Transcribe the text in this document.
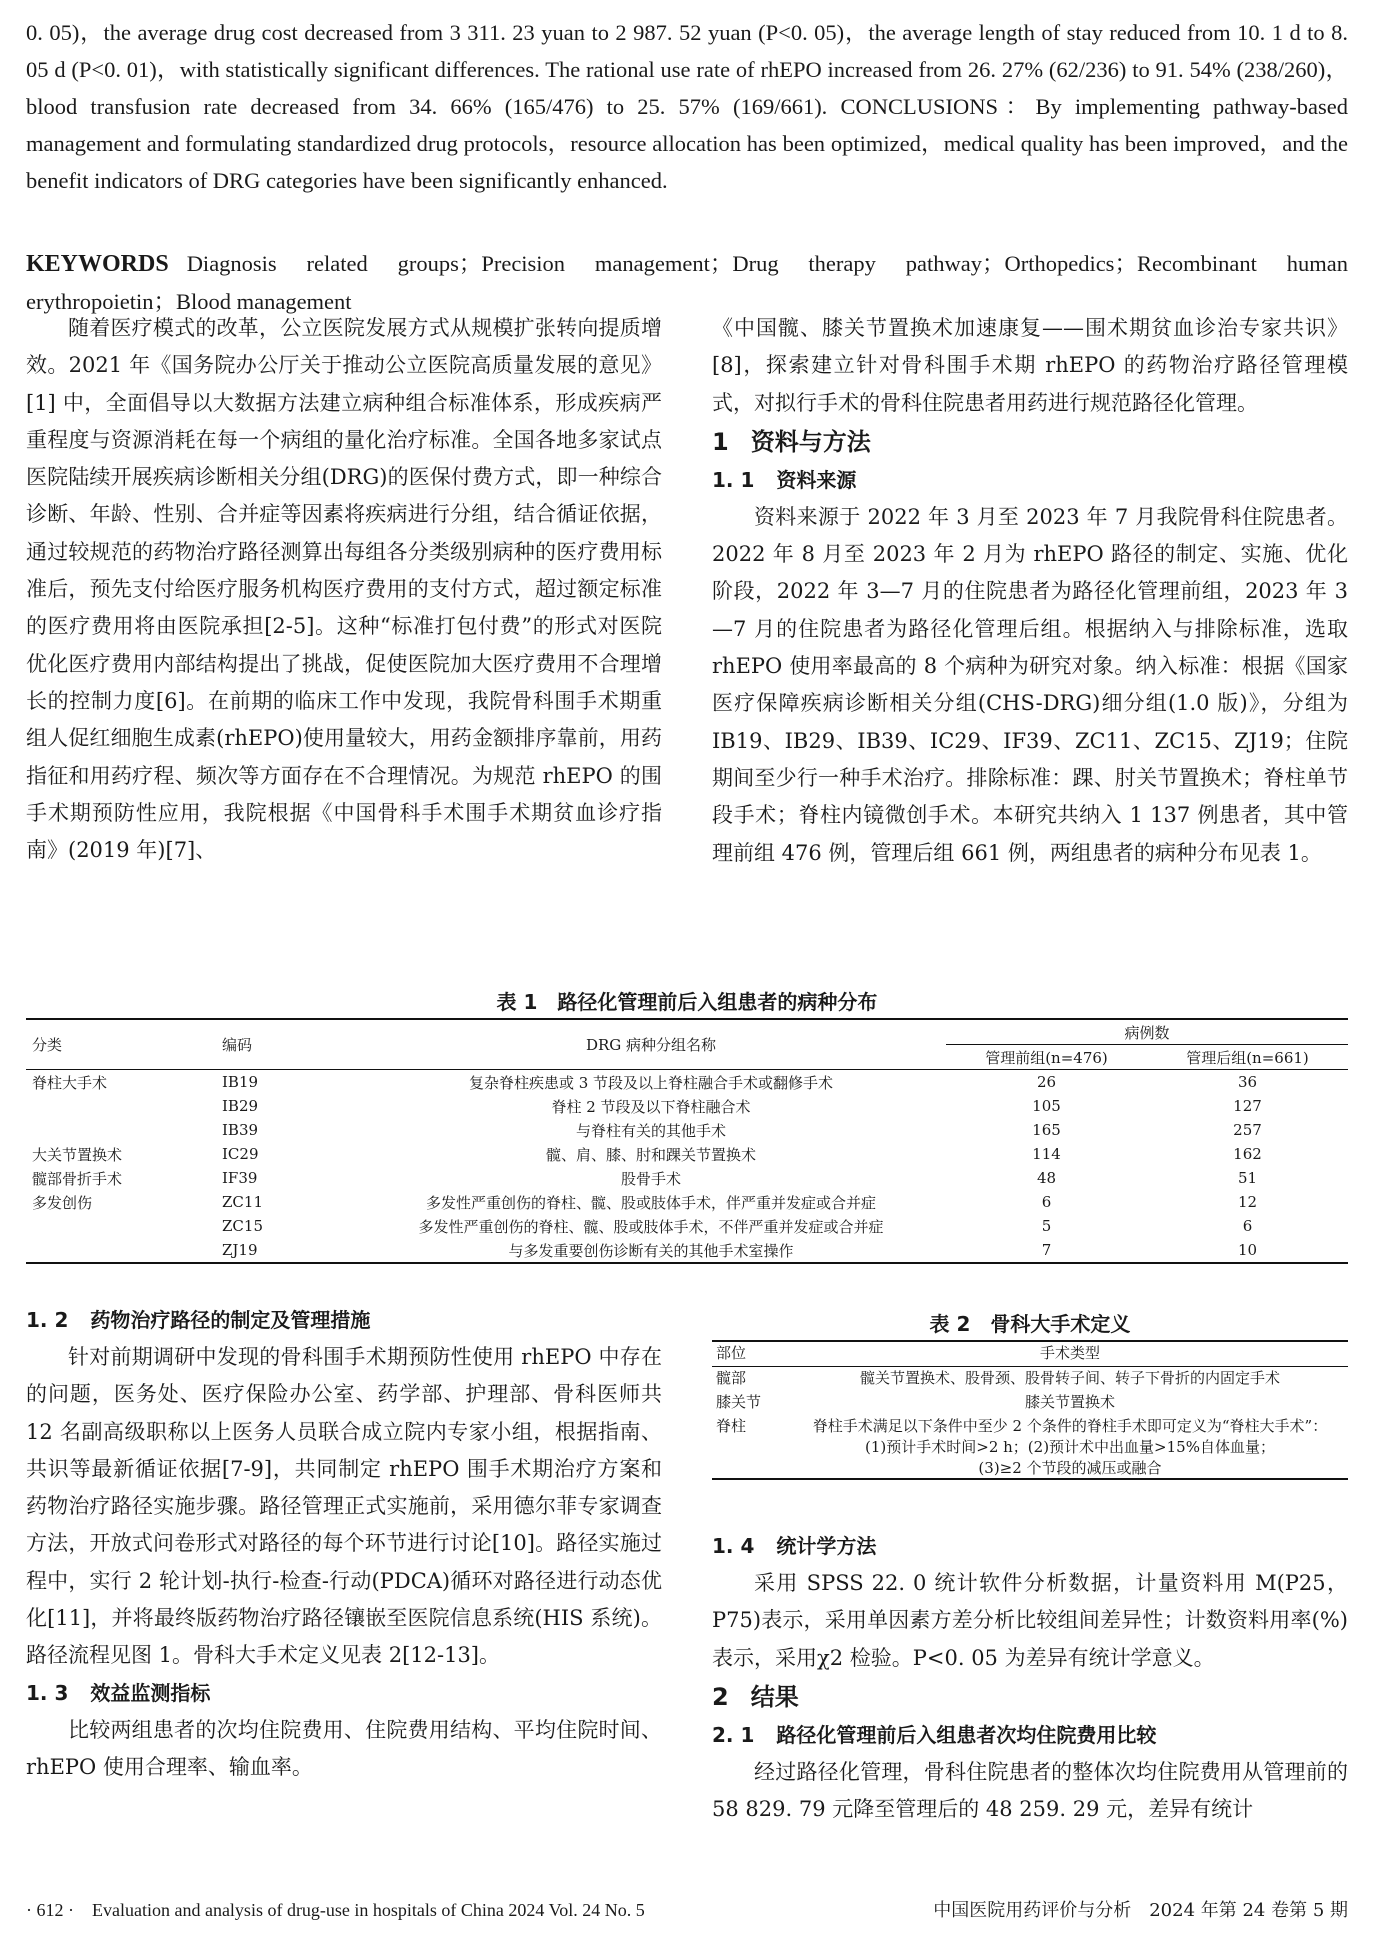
0. 05)，the average drug cost decreased from 3 311. 23 yuan to 2 987. 52 yuan (P<0. 05)，the average length of stay reduced from 10. 1 d to 8. 05 d (P<0. 01)，with statistically significant differences. The rational use rate of rhEPO increased from 26. 27% (62/236) to 91. 54% (238/260)，blood transfusion rate decreased from 34. 66% (165/476) to 25. 57% (169/661). CONCLUSIONS：By implementing pathway-based management and formulating standardized drug protocols，resource allocation has been optimized，medical quality has been improved，and the benefit indicators of DRG categories have been significantly enhanced.
KEYWORDS Diagnosis related groups；Precision management；Drug therapy pathway；Orthopedics；Recombinant human erythropoietin；Blood management

随着医疗模式的改革，公立医院发展方式从规模扩张转向提质增效。2021 年《国务院办公厅关于推动公立医院高质量发展的意见》[1] 中，全面倡导以大数据方法建立病种组合标准体系，形成疾病严重程度与资源消耗在每一个病组的量化治疗标准。全国各地多家试点医院陆续开展疾病诊断相关分组(DRG)的医保付费方式，即一种综合诊断、年龄、性别、合并症等因素将疾病进行分组，结合循证依据，通过较规范的药物治疗路径测算出每组各分类级别病种的医疗费用标准后，预先支付给医疗服务机构医疗费用的支付方式，超过额定标准的医疗费用将由医院承担[2-5]。这种“标准打包付费”的形式对医院优化医疗费用内部结构提出了挑战，促使医院加大医疗费用不合理增长的控制力度[6]。在前期的临床工作中发现，我院骨科围手术期重组人促红细胞生成素(rhEPO)使用量较大，用药金额排序靠前，用药指征和用药疗程、频次等方面存在不合理情况。为规范 rhEPO 的围手术期预防性应用，我院根据《中国骨科手术围手术期贫血诊疗指南》(2019 年)[7]、

《中国髋、膝关节置换术加速康复——围术期贫血诊治专家共识》[8]，探索建立针对骨科围手术期 rhEPO 的药物治疗路径管理模式，对拟行手术的骨科住院患者用药进行规范路径化管理。

1 资料与方法
1. 1 资料来源

资料来源于 2022 年 3 月至 2023 年 7 月我院骨科住院患者。2022 年 8 月至 2023 年 2 月为 rhEPO 路径的制定、实施、优化阶段，2022 年 3—7 月的住院患者为路径化管理前组，2023 年 3—7 月的住院患者为路径化管理后组。根据纳入与排除标准，选取 rhEPO 使用率最高的 8 个病种为研究对象。纳入标准：根据《国家医疗保障疾病诊断相关分组(CHS-DRG)细分组(1.0 版)》，分组为 IB19、IB29、IB39、IC29、IF39、ZC11、ZC15、ZJ19；住院期间至少行一种手术治疗。排除标准：踝、肘关节置换术；脊柱单节段手术；脊柱内镜微创手术。本研究共纳入 1 137 例患者，其中管理前组 476 例，管理后组 661 例，两组患者的病种分布见表 1。

表 1　路径化管理前后入组患者的病种分布
分类	编码	DRG 病种分组名称	病例数	
			管理前组(n=476)	管理后组(n=661)
脊柱大手术	IB19	复杂脊柱疾患或 3 节段及以上脊柱融合手术或翻修手术	26	36
	IB29	脊柱 2 节段及以下脊柱融合术	105	127
	IB39	与脊柱有关的其他手术	165	257
大关节置换术	IC29	髋、肩、膝、肘和踝关节置换术	114	162
髋部骨折手术	IF39	股骨手术	48	51
多发创伤	ZC11	多发性严重创伤的脊柱、髋、股或肢体手术，伴严重并发症或合并症	6	12
	ZC15	多发性严重创伤的脊柱、髋、股或肢体手术，不伴严重并发症或合并症	5	6
	ZJ19	与多发重要创伤诊断有关的其他手术室操作	7	10
1. 2 药物治疗路径的制定及管理措施

针对前期调研中发现的骨科围手术期预防性使用 rhEPO 中存在的问题，医务处、医疗保险办公室、药学部、护理部、骨科医师共 12 名副高级职称以上医务人员联合成立院内专家小组，根据指南、共识等最新循证依据[7-9]，共同制定 rhEPO 围手术期治疗方案和药物治疗路径实施步骤。路径管理正式实施前，采用德尔菲专家调查方法，开放式问卷形式对路径的每个环节进行讨论[10]。路径实施过程中，实行 2 轮计划-执行-检查-行动(PDCA)循环对路径进行动态优化[11]，并将最终版药物治疗路径镶嵌至医院信息系统(HIS 系统)。路径流程见图 1。骨科大手术定义见表 2[12-13]。

1. 3 效益监测指标

比较两组患者的次均住院费用、住院费用结构、平均住院时间、rhEPO 使用合理率、输血率。

表 2　骨科大手术定义
部位	手术类型
髋部	髋关节置换术、股骨颈、股骨转子间、转子下骨折的内固定手术
膝关节	膝关节置换术
脊柱	脊柱手术满足以下条件中至少 2 个条件的脊柱手术即可定义为“脊柱大手术”：
(1)预计手术时间>2 h；(2)预计术中出血量>15%自体血量；
(3)≥2 个节段的减压或融合
1. 4 统计学方法

采用 SPSS 22. 0 统计软件分析数据，计量资料用 M(P25，P75)表示，采用单因素方差分析比较组间差异性；计数资料用率(%)表示，采用χ2 检验。P<0. 05 为差异有统计学意义。

2 结果
2. 1 路径化管理前后入组患者次均住院费用比较

经过路径化管理，骨科住院患者的整体次均住院费用从管理前的 58 829. 79 元降至管理后的 48 259. 29 元，差异有统计

· 612 ·　Evaluation and analysis of drug-use in hospitals of China 2024 Vol. 24 No. 5	中国医院用药评价与分析　2024 年第 24 卷第 5 期
